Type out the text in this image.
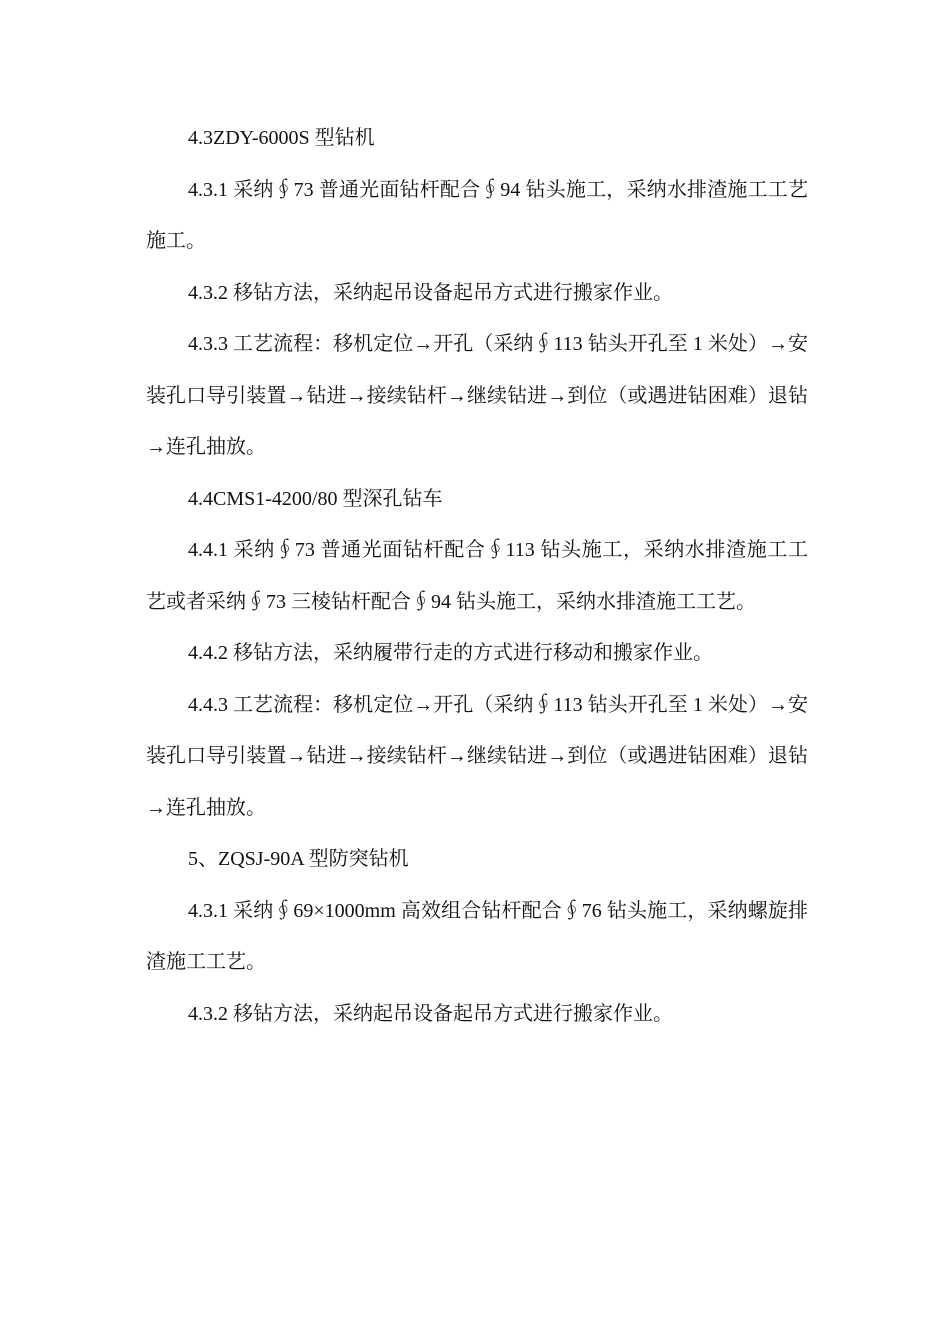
4.3ZDY-6000S 型钻机

4.3.1 采纳∮73 普通光面钻杆配合∮94 钻头施工，采纳水排渣施工工艺施工。

4.3.2 移钻方法，采纳起吊设备起吊方式进行搬家作业。

4.3.3 工艺流程：移机定位→开孔（采纳∮113 钻头开孔至 1 米处）→安装孔口导引装置→钻进→接续钻杆→继续钻进→到位（或遇进钻困难）退钻→连孔抽放。

4.4CMS1-4200/80 型深孔钻车

4.4.1 采纳∮73 普通光面钻杆配合∮113 钻头施工，采纳水排渣施工工艺或者采纳∮73 三棱钻杆配合∮94 钻头施工，采纳水排渣施工工艺。

4.4.2 移钻方法，采纳履带行走的方式进行移动和搬家作业。

4.4.3 工艺流程：移机定位→开孔（采纳∮113 钻头开孔至 1 米处）→安装孔口导引装置→钻进→接续钻杆→继续钻进→到位（或遇进钻困难）退钻→连孔抽放。

5、ZQSJ-90A 型防突钻机

4.3.1 采纳∮69×1000mm 高效组合钻杆配合∮76 钻头施工，采纳螺旋排渣施工工艺。

4.3.2 移钻方法，采纳起吊设备起吊方式进行搬家作业。
